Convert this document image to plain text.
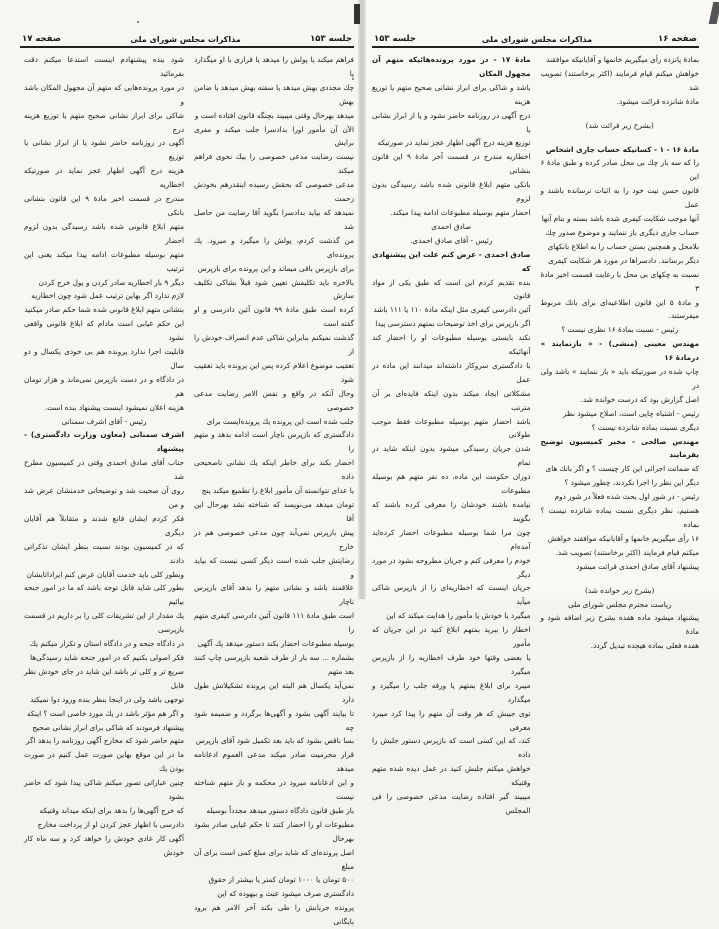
جلسه ۱۵۳
مذاکرات مجلس شورای ملی
صفحه ۱۷

فراهم میکند یا پولش را میدهد یا قراری با او میگذارد یا

چك مجددی بهش میدهد یا سفته بهش میدهد یا ضامن بهش

میدهد بهرحال وقتی میبیند بچنگه قانون افتاده است و

الآن آن مأمور اورا بدادسرا جلب میکند و مفری برایش

نیست رضایت مدعی خصوصی را بیك نحوی فراهم میکند

مدعی خصوصی که بحقش رسیده اینقدرهم بخودش زحمت

نمیدهد که بیاید بدادسرا بگوید آقا رضایت من حاصل شد

من گذشت کردم، پولش را میگیرد و میرود. یك پرونده‌ای

برای بازپرس باقی میماند و این پرونده برای بازپرس

بالاخره باید تکلیفش تعیین شود قبلاً بشاکی تکلیف سازش

کرده است طبق مادهٔ ۹۹ قانون آئین دادرسی و او گفته است

گذشت نمیکنم بنابراین شاکی عدم انصراف خودش را از

تعقیب موضوع اعلام کرده پس این پرونده باید تعقیب شود

وحال آنکه در واقع و نفس الامر رضایت مدعی خصوصی

جلب شده است این پرونده یك پرونده‌ایست برای

دادگستری که بازپرس ناچار است ادامه بدهد و متهم را

احضار بکند برای خاطر اینکه یك نشانی ناصحیحی داده

یا عدای نتوانسته آن مأمور ابلاغ را تطمیع میکند پنج

تومان میدهد می‌نویسد که شناخته نشد بهرحال این آقا

پیش بازپرس نمی‌آید چون مدعی خصوصی هم در خارج

رضایتش جلب شده است دیگر کسی نیست که بیاید و

علاقمند باشد و نشانی متهم را بدهد آقای بازپرس ناچار

است طبق مادهٔ ۱۱۱ قانون آئین دادرسی کیفری متهم را

بوسیله مطبوعات احضار بکند دستور میدهد یك آگهی

بشماره ... سه بار از طرف شعبه بازپرسی چاپ کنند بعد متهم

نمی‌آید یکسال هم البته این پرونده تشکیلاتش طول دارد

تا بیایند آگهی بشود و آگهی‌ها برگردد و ضمیمه شود چه

بسا ناقص بشود که باید بعد تکمیل شود آقای بازپرس

قرار مجرمیت صادر میکند مدعی العموم ادعانامه میدهد

و این ادعانامه میرود در محکمه و باز متهم شناخته نیست

باز طبق قانون دادگاه دستور میدهد مجدداً بوسیله

مطبوعات او را احضار کنند تا حکم غیابی صادر بشود بهرحال

اصل پرونده‌ای که شاید برای مبلغ کمی است برای آن مبلغ

۵۰۰ تومان یا ۱۰۰۰ تومان کمتر یا بیشتر از حقوق

دادگستری صرف میشود عبث و بیهوده که این

پرونده جریانش را طی بکند آخر الامر هم برود بایگانی

شود بنده پیشنهادم اینست استدعا میکنم دقت بفرمائید

در مورد پرونده‌هایی که متهم آن مجهول المکان باشد و

شاکی برای ابراز نشانی صحیح متهم یا توزیع هزینه درج

آگهی در روزنامه حاضر نشود یا از ابراز نشانی یا توزیع

هزینه درج آگهی اظهار عجز نماید در صورتیکه اخطاریه

مندرج در قسمت اخیر مادهٔ ۹ این قانون بنشانی بانکی

متهم ابلاغ قانونی شده باشد رسیدگی بدون لزوم احضار

متهم بوسیله مطبوعات ادامه پیدا میکند یعنی این ترتیب

دیگر ۹ بار اخطاریه صادر کردن و پول خرج کردن

لازم ندارد اگر بهاین ترتیب عمل شود چون اخطاریه

بنشانی متهم ابلاغ قانونی شده شما حکم صادر میکنید

این حکم غیابی است مادام که ابلاغ قانونی واقعی نشود

قابلیت اجرا ندارد پرونده هم بی خودی یکسال و دو سال

در دادگاه و در دست بازپرس نمی‌ماند و هزار تومان هم

هزینه اعلان نمیشود اینست پیشنهاد بنده است.

رئیس - آقای اشرف سمنانی

اشرف سمنانی (معاون وزارت دادگستری) - پیشنهاد

جناب آقای صادق احمدی وقتی در کمیسیون مطرح شد

روی آن صحبت شد و توضیحاتی خدمتشان عرض شد و من

فکر کردم ایشان قانع شدند و متقابلاً هم آقایان دیگری

که در کمیسیون بودند نسبت بنظر ایشان تذکراتی دادند

وبطور کلی باید خدمت آقایان عرض کنم ایراداتایشان

بطور کلی شاید قابل توجه باشد که ما در امور جنحه بیائیم

یك مقدار از این تشریفات کلی را بر داریم در قسمت بازپرسی

در دادگاه جنحه و در دادگاه استان و تکرار میکنم یك

فکر اصولی بکنیم که در امور جنحه شاید رسیدگی‌ها

سریع تر و کلی تر باشد این شاید در جای خودش نظر قابل

توجهی باشد ولی در اینجا بنظر بنده ورود دوا نمیکند

و اگر هم مؤثر باشد در یك مورد خاصی است ؟ اینکه

پیشنهاد فرمودند که شاکی برای ابراز نشانی صحیح

متهم حاضر شود که مخارج آگهی روزنامه را بدهد اگر

ما در این موقع بهاین صورت عمل کنیم در صورت بودن یك

چنین عباراتی تصور میکنم شاکی پیدا شود که حاضر بشود

که خرج آگهی‌ها را بدهد برای اینکه میداند وقتیکه

دادرسی با اظهار عجز کردن او از پرداخت مخارج

آگهی کار عادی خودش را خواهد کرد و سه ماه کار خودش

صفحه ۱۶
مذاکرات مجلس شورای ملی
جلسه ۱۵۳

بمادهٔ پانزده رأی میگیریم خانمها و آقایانیکه موافقند

خواهش میکنم قیام فرمایند (اکثر برخاستند) تصویب شد

مادهٔ شانزده قرائت میشود.

(بشرح زیر قرائت شد)

مادهٔ ۱۶ - ۱ - کسانیکه حساب جاری اشخاص

را که سه بار چك بی محل صادر کرده و طبق مادهٔ ۶ این

قانون حسن نیت خود را به اثبات نرسانده باشند و عمل

آنها موجب شکایت کیفری شده باشد بسته و بنام آنها

حساب جاری دیگری باز ننمایند و موضوع صدور چك

بلامحل و همچنین بستن حساب را به اطلاع بانکهای

دیگر برسانند. دادسراها در مورد هر شکایت کیفری

نسبت به چکهای بی محل با رعایت قسمت اخیر مادهٔ ۳

و مادهٔ ۵ این قانون اطلاعیه‌ای برای بانك مربوط میفرستند.

رئیس - نسبت بمادهٔ ۱۶ نظری نیست ؟

مهندس معینی (منشی) - « بازنمایند » درمادهٔ ۱۶

چاپ شده در صورتیکه باید « باز ننمایند » باشد ولی در

اصل گزارش بود که درست خوانده شد.

رئیس - اشتباه چاپی است، اصلاح میشود نظر

دیگری نسبت بماده شانزده نیست ؟

مهندس صالحی - مخبر کمیسیون توضیح بفرمایند

که ضمانت اجرائی این کار چیست ؟ و اگر بانك های

دیگر این نظر را اجرا نکردند، چطور میشود ؟

رئیس - در شور اول بحث شده فعلاً در شور دوم

هستیم، نظر دیگری نسبت بماده شانزده نیست ؟ بماده

۱۶ رأی میگیریم خانمها و آقایانیکه موافقند خواهش

میکنم قیام فرمایند (اکثر برخاستند) تصویب شد.

پیشنهاد آقای صادق احمدی قرائت میشود

(بشرح زیر خوانده شد)

ریاست محترم مجلس شورای ملی

پیشنهاد میشود ماده هفده بشرح زیر اضافه شود و مادهٔ

هفده فعلی بماده هیجده تبدیل گردد.

مادهٔ ۱۷ - در مورد پرونده‌هائیکه متهم آن مجهول المکان

باشد و شاکی برای ابراز نشانی صحیح متهم یا توزیع هزینه

درج آگهی در روزنامه حاضر نشود و یا از ابراز نشانی یا

توزیع هزینه درج آگهی اظهار عجز نماید در صورتیکه

اخطاریه مندرج در قسمت آخر مادهٔ ۹ این قانون بنشانی

بانکی متهم ابلاغ قانونی شده باشد رسیدگی بدون لزوم

احضار متهم بوسیله مطبوعات ادامه پیدا میکند.

صادق احمدی

رئیس - آقای صادق احمدی.

صادق احمدی - عرض کنم علت این پیشنهادی که

بنده تقدیم کردم این است که طبق یکی از مواد قانون

آئین دادرسی کیفری مثل اینکه مادهٔ ۱۱۰ یا ۱۱۱ باشد

اگر بازپرس برای اخذ توضیحات بمتهم دسترسی پیدا

نکند بایستی بوسیله مطبوعات او را احضار کند آنهائیکه

با دادگستری سروکار داشته‌اند میدانند این ماده در عمل

مشکلاتی ایجاد میکند بدون اینکه فایده‌ای بر آن مترتب

باشد احضار متهم بوسیله مطبوعات فقط موجب طولانی

شدن جریان رسیدگی میشود بدون اینکه شاید در تمام

دوران حکومت این ماده، ده نفر متهم هم بوسیله مطبوعات

نیامده باشند خودشان را معرفی کرده باشند که بگویند

چون مرا شما بوسیله مطبوعات احضار کرده‌اید آمده‌ام

خودم را معرفی کنم و جریان مطروحه بشود در مورد دیگر

جریان اینست که اخطاریه‌ای را از بازپرس شاکی میآید

میگیرد یا خودش یا مأمور را هدایت میکند که این

اخطار را ببرید بمتهم ابلاغ کنید در این جریان که مأمور

یا بعضی وقتها خود طرف اخطاریه را از بازپرس میگیرد

میبرد برای ابلاغ بمتهم یا ورقه جلب را میگیرد و میگذارد

توی جیبش که هر وقت آن متهم را پیدا کرد میبرد معرفی

کند، که این کسی است که بازپرس دستور جلبش را داده

خواهش میکنم جلبش کنید در عمل دیده شده متهم وقتیکه

میبیند گیر افتاده رضایت مدعی خصوصی را فی المجلس
